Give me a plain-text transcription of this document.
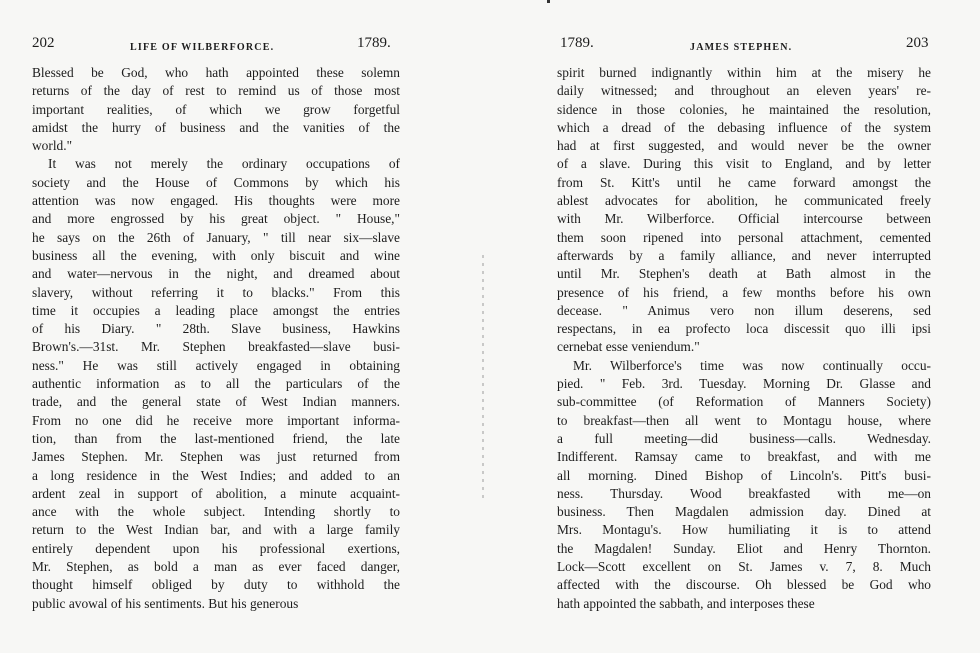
202	LIFE OF WILBERFORCE.	1789.
Blessed be God, who hath appointed these solemn
returns of the day of rest to remind us of those most
important realities, of which we grow forgetful
amidst the hurry of business and the vanities of the
world."
It was not merely the ordinary occupations of
society and the House of Commons by which his
attention was now engaged. His thoughts were more
and more engrossed by his great object. " House,"
he says on the 26th of January, " till near six—slave
business all the evening, with only biscuit and wine
and water—nervous in the night, and dreamed about
slavery, without referring it to blacks." From this
time it occupies a leading place amongst the entries
of his Diary. " 28th. Slave business, Hawkins
Brown's.—31st. Mr. Stephen breakfasted—slave busi-
ness." He was still actively engaged in obtaining
authentic information as to all the particulars of the
trade, and the general state of West Indian manners.
From no one did he receive more important informa-
tion, than from the last-mentioned friend, the late
James Stephen. Mr. Stephen was just returned from
a long residence in the West Indies; and added to an
ardent zeal in support of abolition, a minute acquaint-
ance with the whole subject. Intending shortly to
return to the West Indian bar, and with a large family
entirely dependent upon his professional exertions,
Mr. Stephen, as bold a man as ever faced danger,
thought himself obliged by duty to withhold the
public avowal of his sentiments. But his generous
1789.	JAMES STEPHEN.	203
spirit burned indignantly within him at the misery he
daily witnessed; and throughout an eleven years' re-
sidence in those colonies, he maintained the resolution,
which a dread of the debasing influence of the system
had at first suggested, and would never be the owner
of a slave. During this visit to England, and by letter
from St. Kitt's until he came forward amongst the
ablest advocates for abolition, he communicated freely
with Mr. Wilberforce. Official intercourse between
them soon ripened into personal attachment, cemented
afterwards by a family alliance, and never interrupted
until Mr. Stephen's death at Bath almost in the
presence of his friend, a few months before his own
decease. " Animus vero non illum deserens, sed
respectans, in ea profecto loca discessit quo illi ipsi
cernebat esse veniendum."
Mr. Wilberforce's time was now continually occu-
pied. " Feb. 3rd. Tuesday. Morning Dr. Glasse and
sub-committee (of Reformation of Manners Society)
to breakfast—then all went to Montagu house, where
a full meeting—did business—calls. Wednesday.
Indifferent. Ramsay came to breakfast, and with me
all morning. Dined Bishop of Lincoln's. Pitt's busi-
ness. Thursday. Wood breakfasted with me—on
business. Then Magdalen admission day. Dined at
Mrs. Montagu's. How humiliating it is to attend
the Magdalen! Sunday. Eliot and Henry Thornton.
Lock—Scott excellent on St. James v. 7, 8. Much
affected with the discourse. Oh blessed be God who
hath appointed the sabbath, and interposes these
